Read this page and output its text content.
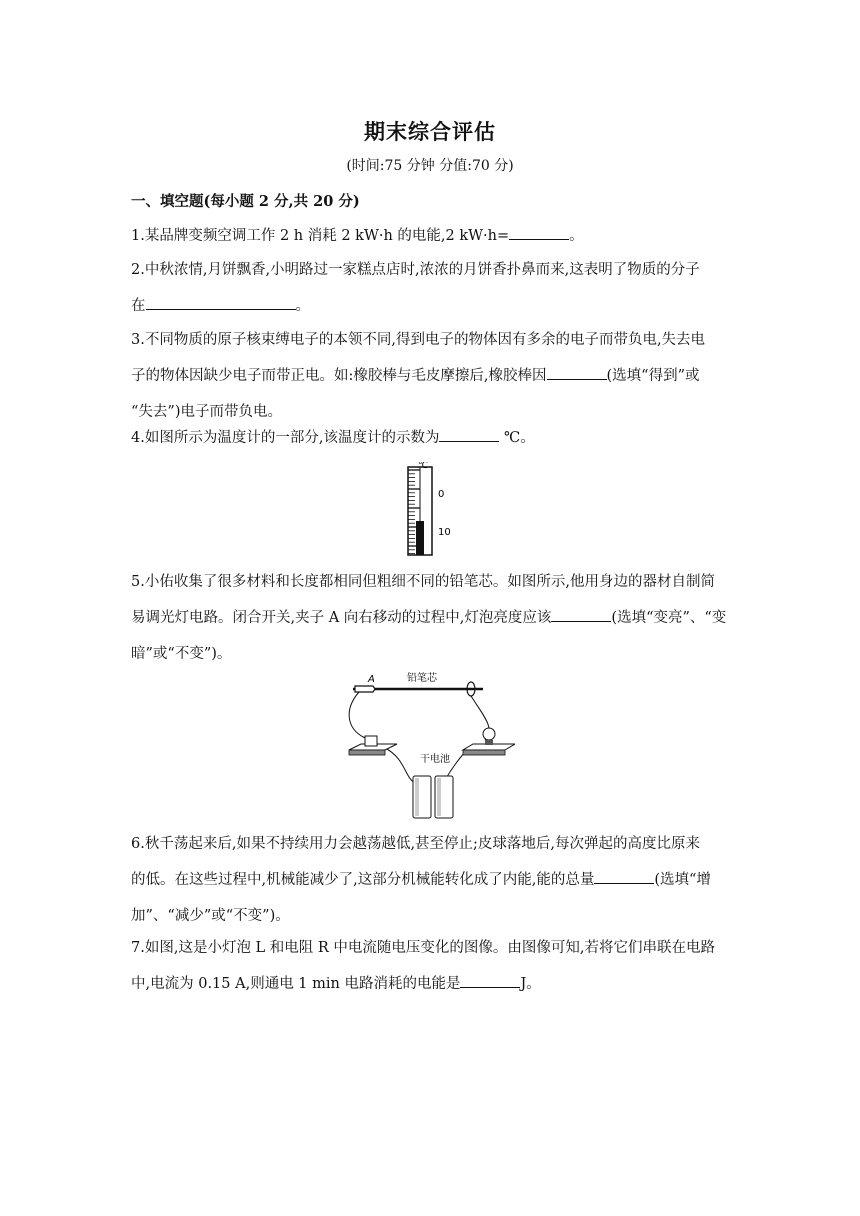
期末综合评估
(时间:75 分钟 分值:70 分)
一、填空题(每小题 2 分,共 20 分)
1.某品牌变频空调工作 2 h 消耗 2 kW·h 的电能,2 kW·h=	。
2.中秋浓情,月饼飘香,小明路过一家糕点店时,浓浓的月饼香扑鼻而来,这表明了物质的分子
在	。
3.不同物质的原子核束缚电子的本领不同,得到电子的物体因有多余的电子而带负电,失去电
子的物体因缺少电子而带正电。如:橡胶棒与毛皮摩擦后,橡胶棒因	(选填“得到”或
“失去”)电子而带负电。
4.如图所示为温度计的一部分,该温度计的示数为	℃。
℃
0
10
5.小佑收集了很多材料和长度都相同但粗细不同的铅笔芯。如图所示,他用身边的器材自制简
易调光灯电路。闭合开关,夹子 A 向右移动的过程中,灯泡亮度应该	(选填“变亮”、“变
暗”或“不变”)。
A	铅笔芯
干电池
6.秋千荡起来后,如果不持续用力会越荡越低,甚至停止;皮球落地后,每次弹起的高度比原来
的低。在这些过程中,机械能减少了,这部分机械能转化成了内能,能的总量	(选填“增
加”、“减少”或“不变”)。
7.如图,这是小灯泡 L 和电阻 R 中电流随电压变化的图像。由图像可知,若将它们串联在电路
中,电流为 0.15 A,则通电 1 min 电路消耗的电能是	J。
